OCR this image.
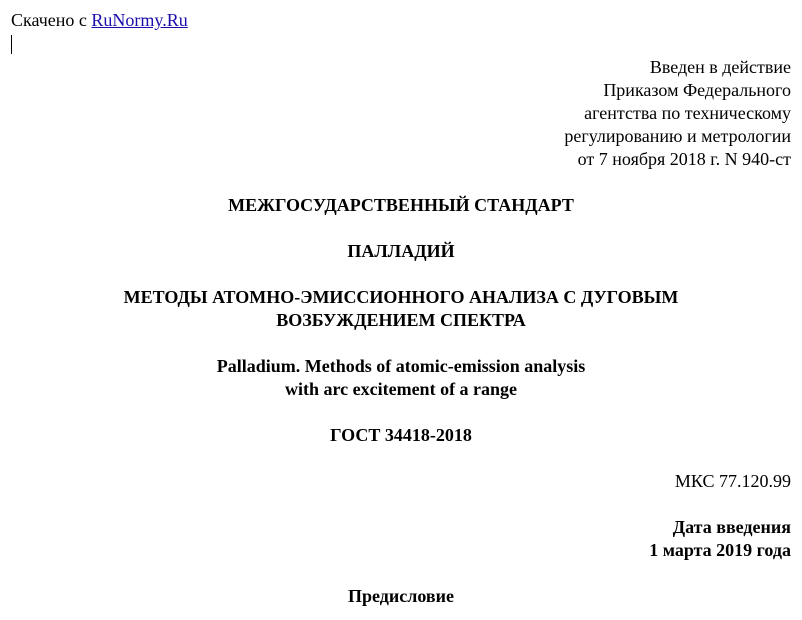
Скачено с RuNormy.Ru
Введен в действие
Приказом Федерального
агентства по техническому
регулированию и метрологии
от 7 ноября 2018 г. N 940-ст
МЕЖГОСУДАРСТВЕННЫЙ СТАНДАРТ
ПАЛЛАДИЙ
МЕТОДЫ АТОМНО-ЭМИССИОННОГО АНАЛИЗА С ДУГОВЫМ
ВОЗБУЖДЕНИЕМ СПЕКТРА
Palladium. Methods of atomic-emission analysis
with arc excitement of a range
ГОСТ 34418-2018
МКС 77.120.99
Дата введения
1 марта 2019 года
Предисловие
